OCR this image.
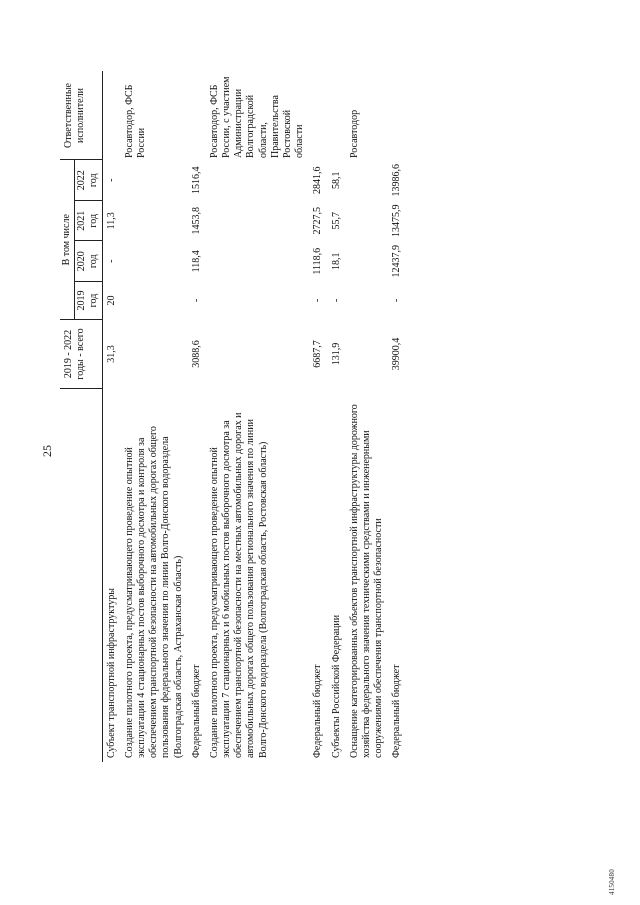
25
	2019 - 2022 годы - всего	В том числе				Ответственные исполнители
		2019 год	2020 год	2021 год	2022 год	
Субъект транспортной инфраструктуры	31,3	20	-	11,3	-	
Создание пилотного проекта, предусматривающего проведение опытной эксплуатации 4 стационарных постов выборочного досмотра и контроля за обеспечением транспортной безопасности на автомобильных дорогах общего пользования федерального значения по линии Волго-Донского водораздела (Волгоградская область, Астраханская область)						Росавтодор, ФСБ России
Федеральный бюджет	3088,6	-	118,4	1453,8	1516,4	
Создание пилотного проекта, предусматривающего проведение опытной эксплуатации 7 стационарных и 6 мобильных постов выборочного досмотра за обеспечением транспортной безопасности на местных автомобильных дорогах и автомобильных дорогах общего пользования регионального значения по линии Волго-Донского водораздела (Волгоградская область, Ростовская область)						Росавтодор, ФСБ России, с участием Администрации Волгоградской области, Правительства Ростовской области
Федеральный бюджет	6687,7	-	1118,6	2727,5	2841,6	
Субъекты Российской Федерации	131,9	-	18,1	55,7	58,1	
Оснащение категорированных объектов транспортной инфраструктуры дорожного хозяйства федерального значения техническими средствами и инженерными сооружениями обеспечения транспортной безопасности						Росавтодор
Федеральный бюджет	39900,4	-	12437,9	13475,9	13986,6	
4150480
